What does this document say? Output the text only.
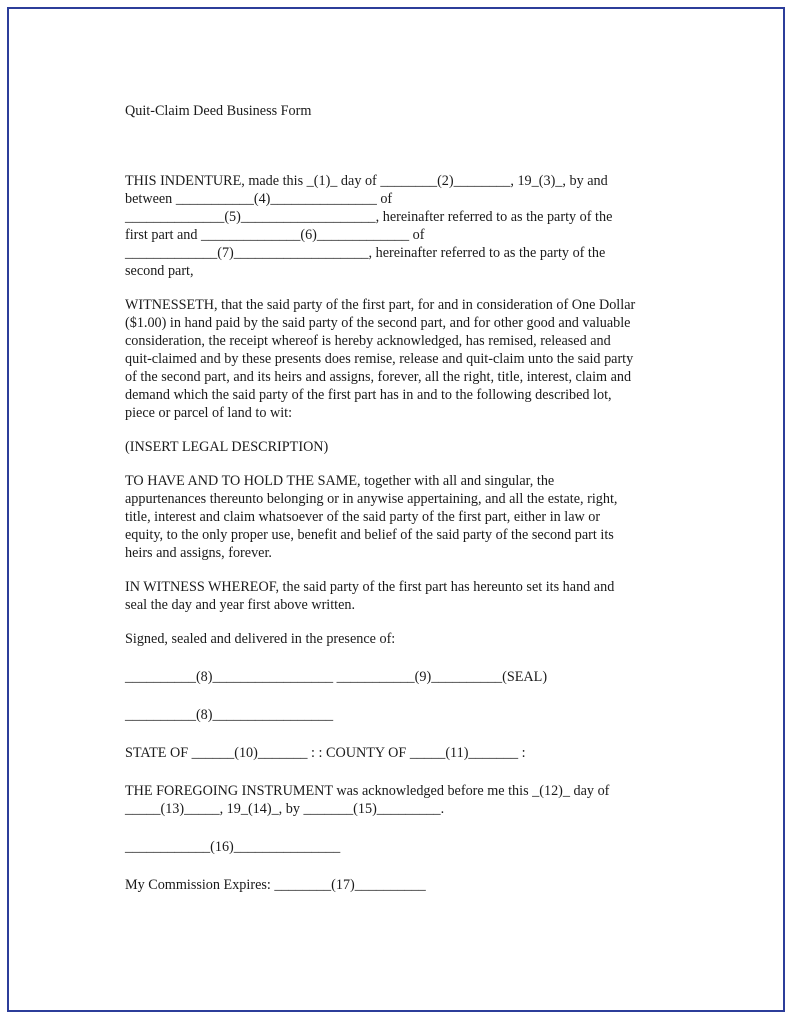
Quit-Claim Deed Business Form
THIS INDENTURE, made this _(1)_ day of ________(2)________, 19_(3)_, by and
between ___________(4)_______________ of
______________(5)___________________, hereinafter referred to as the party of the
first part and ______________(6)_____________ of
_____________(7)___________________, hereinafter referred to as the party of the
second part,
WITNESSETH, that the said party of the first part, for and in consideration of One Dollar
($1.00) in hand paid by the said party of the second part, and for other good and valuable
consideration, the receipt whereof is hereby acknowledged, has remised, released and
quit-claimed and by these presents does remise, release and quit-claim unto the said party
of the second part, and its heirs and assigns, forever, all the right, title, interest, claim and
demand which the said party of the first part has in and to the following described lot,
piece or parcel of land to wit:
(INSERT LEGAL DESCRIPTION)
TO HAVE AND TO HOLD THE SAME, together with all and singular, the
appurtenances thereunto belonging or in anywise appertaining, and all the estate, right,
title, interest and claim whatsoever of the said party of the first part, either in law or
equity, to the only proper use, benefit and belief of the said party of the second part its
heirs and assigns, forever.
IN WITNESS WHEREOF, the said party of the first part has hereunto set its hand and
seal the day and year first above written.
Signed, sealed and delivered in the presence of:
__________(8)_________________ ___________(9)__________(SEAL)
__________(8)_________________
STATE OF ______(10)_______ : : COUNTY OF _____(11)_______ :
THE FOREGOING INSTRUMENT was acknowledged before me this _(12)_ day of
_____(13)_____, 19_(14)_, by _______(15)_________.
____________(16)_______________
My Commission Expires: ________(17)__________
